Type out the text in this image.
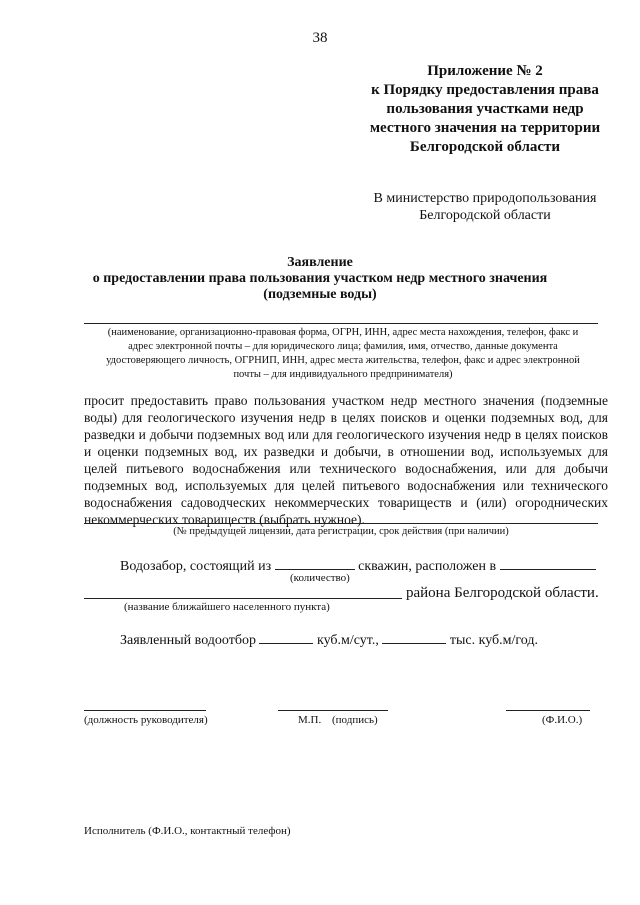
38
Приложение № 2
к Порядку предоставления права
пользования участками недр
местного значения на территории
Белгородской области
В министерство природопользования
Белгородской области
Заявление
о предоставлении права пользования участком недр местного значения
(подземные воды)
(наименование, организационно-правовая форма, ОГРН, ИНН, адрес места нахождения, телефон, факс и адрес электронной почты – для юридического лица; фамилия, имя, отчество, данные документа удостоверяющего личность, ОГРНИП, ИНН, адрес места жительства, телефон, факс и адрес электронной почты – для индивидуального предпринимателя)
просит предоставить право пользования участком недр местного значения (подземные воды) для геологического изучения недр в целях поисков и оценки подземных вод, для разведки и добычи подземных вод или для геологического изучения недр в целях поисков и оценки подземных вод, их разведки и добычи, в отношении вод, используемых для целей питьевого водоснабжения или технического водоснабжения, или для добычи подземных вод, используемых для целей питьевого водоснабжения или технического водоснабжения садоводческих некоммерческих товариществ и (или) огороднических некоммерческих товариществ (выбрать нужное).
(№ предыдущей лицензии, дата регистрации, срок действия (при наличии)
Водозабор, состоящий из	скважин, расположен в
(количество)
района Белгородской области.
(название ближайшего населенного пункта)
Заявленный водоотбор	куб.м/сут.,	тыс. куб.м/год.
(должность руководителя)	М.П. (подпись)	(Ф.И.О.)
Исполнитель (Ф.И.О., контактный телефон)
